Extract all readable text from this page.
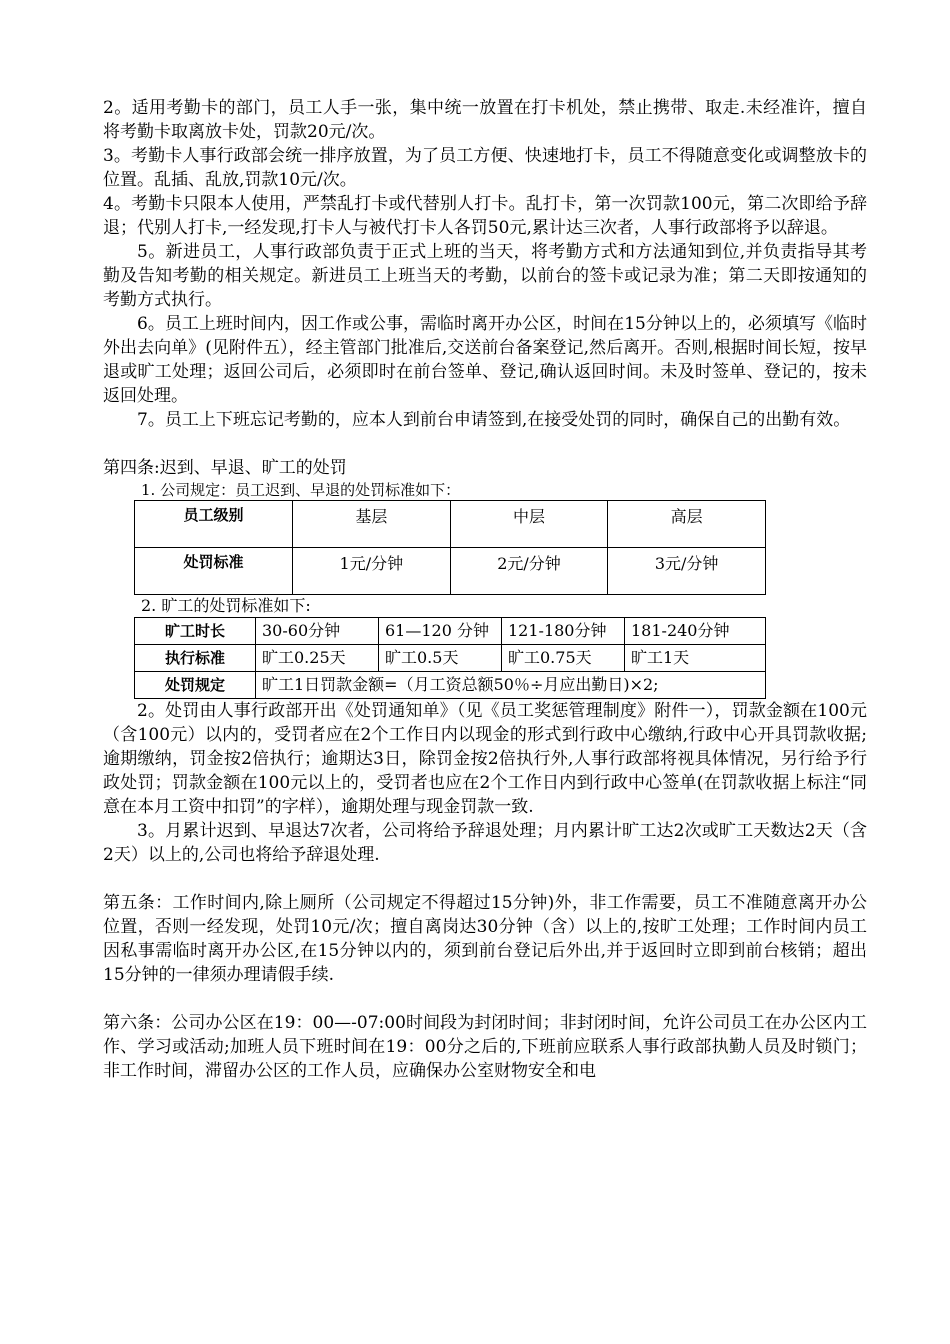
2。适用考勤卡的部门，员工人手一张，集中统一放置在打卡机处，禁止携带、取走.未经准许，擅自将考勤卡取离放卡处，罚款20元/次。

3。考勤卡人事行政部会统一排序放置，为了员工方便、快速地打卡，员工不得随意变化或调整放卡的位置。乱插、乱放,罚款10元/次。

4。考勤卡只限本人使用，严禁乱打卡或代替别人打卡。乱打卡，第一次罚款100元，第二次即给予辞退；代别人打卡,一经发现,打卡人与被代打卡人各罚50元,累计达三次者，人事行政部将予以辞退。

5。新进员工，人事行政部负责于正式上班的当天，将考勤方式和方法通知到位,并负责指导其考勤及告知考勤的相关规定。新进员工上班当天的考勤，以前台的签卡或记录为准；第二天即按通知的考勤方式执行。

6。员工上班时间内，因工作或公事，需临时离开办公区，时间在15分钟以上的，必须填写《临时外出去向单》(见附件五），经主管部门批准后,交送前台备案登记,然后离开。否则,根据时间长短，按早退或旷工处理；返回公司后，必须即时在前台签单、登记,确认返回时间。未及时签单、登记的，按未返回处理。

7。员工上下班忘记考勤的，应本人到前台申请签到,在接受处罚的同时，确保自己的出勤有效。

第四条:迟到、早退、旷工的处罚

1. 公司规定：员工迟到、早退的处罚标准如下：

员工级别	基层	中层	高层
处罚标准	1元/分钟	2元/分钟	3元/分钟

2. 旷工的处罚标准如下:

旷工时长	30-60分钟	61—120 分钟	121-180分钟	181-240分钟
执行标准	旷工0.25天	旷工0.5天	旷工0.75天	旷工1天
处罚规定	旷工1日罚款金额=（月工资总额50％÷月应出勤日)×2;			

2。处罚由人事行政部开出《处罚通知单》（见《员工奖惩管理制度》附件一），罚款金额在100元（含100元）以内的，受罚者应在2个工作日内以现金的形式到行政中心缴纳,行政中心开具罚款收据;逾期缴纳，罚金按2倍执行；逾期达3日，除罚金按2倍执行外,人事行政部将视具体情况，另行给予行政处罚；罚款金额在100元以上的，受罚者也应在2个工作日内到行政中心签单(在罚款收据上标注“同意在本月工资中扣罚”的字样），逾期处理与现金罚款一致.

3。月累计迟到、早退达7次者，公司将给予辞退处理；月内累计旷工达2次或旷工天数达2天（含2天）以上的,公司也将给予辞退处理.

第五条：工作时间内,除上厕所（公司规定不得超过15分钟)外，非工作需要，员工不准随意离开办公位置，否则一经发现，处罚10元/次；擅自离岗达30分钟（含）以上的,按旷工处理；工作时间内员工因私事需临时离开办公区,在15分钟以内的，须到前台登记后外出,并于返回时立即到前台核销；超出15分钟的一律须办理请假手续.

第六条：公司办公区在19：00—-07:00时间段为封闭时间；非封闭时间，允许公司员工在办公区内工作、学习或活动;加班人员下班时间在19：00分之后的,下班前应联系人事行政部执勤人员及时锁门；非工作时间，滞留办公区的工作人员，应确保办公室财物安全和电
